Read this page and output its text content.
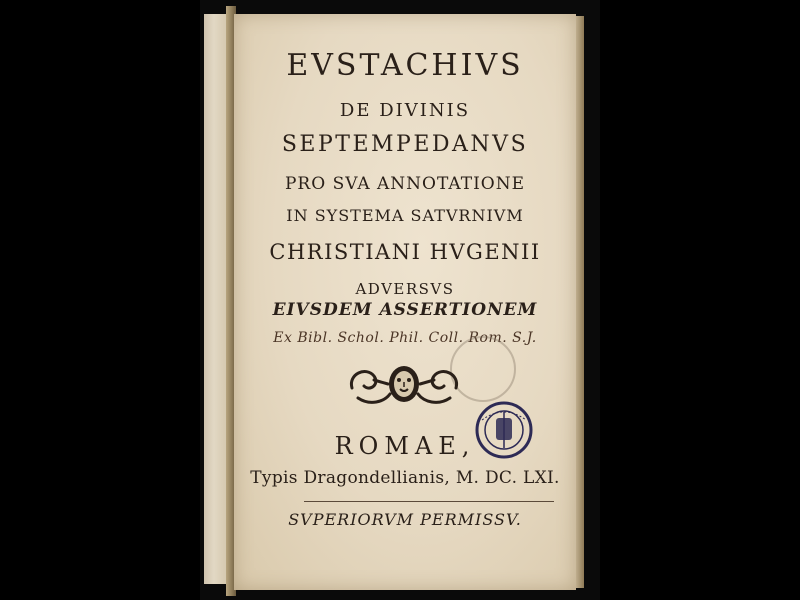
EVSTACHIVS
DE DIVINIS
SEPTEMPEDANVS
PRO SVA ANNOTATIONE
IN SYSTEMA SATVRNIVM
CHRISTIANI HVGENII
ADVERSVS
EIVSDEM ASSERTIONEM
Ex Bibl. Schol. Phil. Coll. Rom. S.J.
ROMAE,
Typis Dragondellianis, M. DC. LXI.
SVPERIORVM PERMISSV.
